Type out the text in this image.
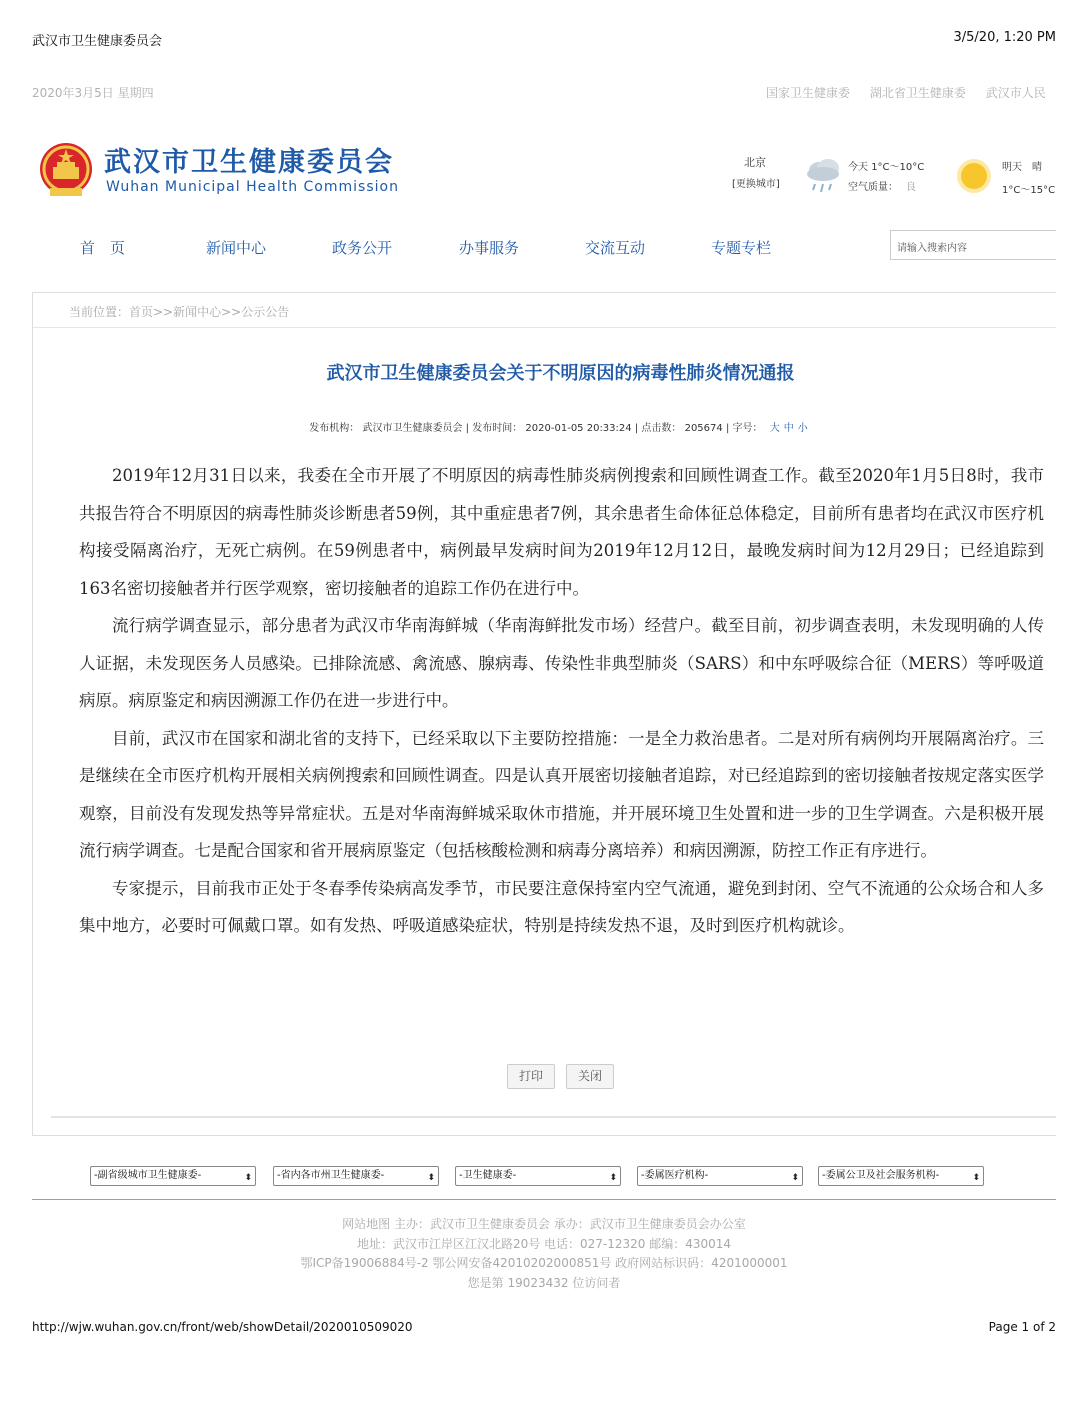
武汉市卫生健康委员会	3/5/20, 1:20 PM
2020年3月5日 星期四	国家卫生健康委 湖北省卫生健康委 武汉市人民
武汉市卫生健康委员会
Wuhan Municipal Health Commission
北京
[更换城市]
今天 1°C～10°C
空气质量： 良
明天 晴
1°C～15°C
首　页	新闻中心	政务公开	办事服务	交流互动	专题专栏	请输入搜索内容
当前位置：首页>>新闻中心>>公示公告
武汉市卫生健康委员会关于不明原因的病毒性肺炎情况通报
发布机构： 武汉市卫生健康委员会 | 发布时间： 2020-01-05 20:33:24 | 点击数： 205674 | 字号： 大 中 小

2019年12月31日以来，我委在全市开展了不明原因的病毒性肺炎病例搜索和回顾性调查工作。截至2020年1月5日8时，我市共报告符合不明原因的病毒性肺炎诊断患者59例，其中重症患者7例，其余患者生命体征总体稳定，目前所有患者均在武汉市医疗机构接受隔离治疗，无死亡病例。在59例患者中，病例最早发病时间为2019年12月12日，最晚发病时间为12月29日；已经追踪到163名密切接触者并行医学观察，密切接触者的追踪工作仍在进行中。

流行病学调查显示，部分患者为武汉市华南海鲜城（华南海鲜批发市场）经营户。截至目前，初步调查表明，未发现明确的人传人证据，未发现医务人员感染。已排除流感、禽流感、腺病毒、传染性非典型肺炎（SARS）和中东呼吸综合征（MERS）等呼吸道病原。病原鉴定和病因溯源工作仍在进一步进行中。

目前，武汉市在国家和湖北省的支持下，已经采取以下主要防控措施：一是全力救治患者。二是对所有病例均开展隔离治疗。三是继续在全市医疗机构开展相关病例搜索和回顾性调查。四是认真开展密切接触者追踪，对已经追踪到的密切接触者按规定落实医学观察，目前没有发现发热等异常症状。五是对华南海鲜城采取休市措施，并开展环境卫生处置和进一步的卫生学调查。六是积极开展流行病学调查。七是配合国家和省开展病原鉴定（包括核酸检测和病毒分离培养）和病因溯源，防控工作正有序进行。

专家提示，目前我市正处于冬春季传染病高发季节，市民要注意保持室内空气流通，避免到封闭、空气不流通的公众场合和人多集中地方，必要时可佩戴口罩。如有发热、呼吸道感染症状，特别是持续发热不退，及时到医疗机构就诊。

打印	关闭
-副省级城市卫生健康委-	⬍	-省内各市州卫生健康委-	⬍	-卫生健康委-	⬍	-委属医疗机构-	⬍	-委属公卫及社会服务机构-	⬍
网站地图 主办：武汉市卫生健康委员会 承办：武汉市卫生健康委员会办公室
地址：武汉市江岸区江汉北路20号 电话：027-12320 邮编：430014
鄂ICP备19006884号-2 鄂公网安备42010202000851号 政府网站标识码：4201000001
您是第 19023432 位访问者
http://wjw.wuhan.gov.cn/front/web/showDetail/2020010509020	Page 1 of 2
